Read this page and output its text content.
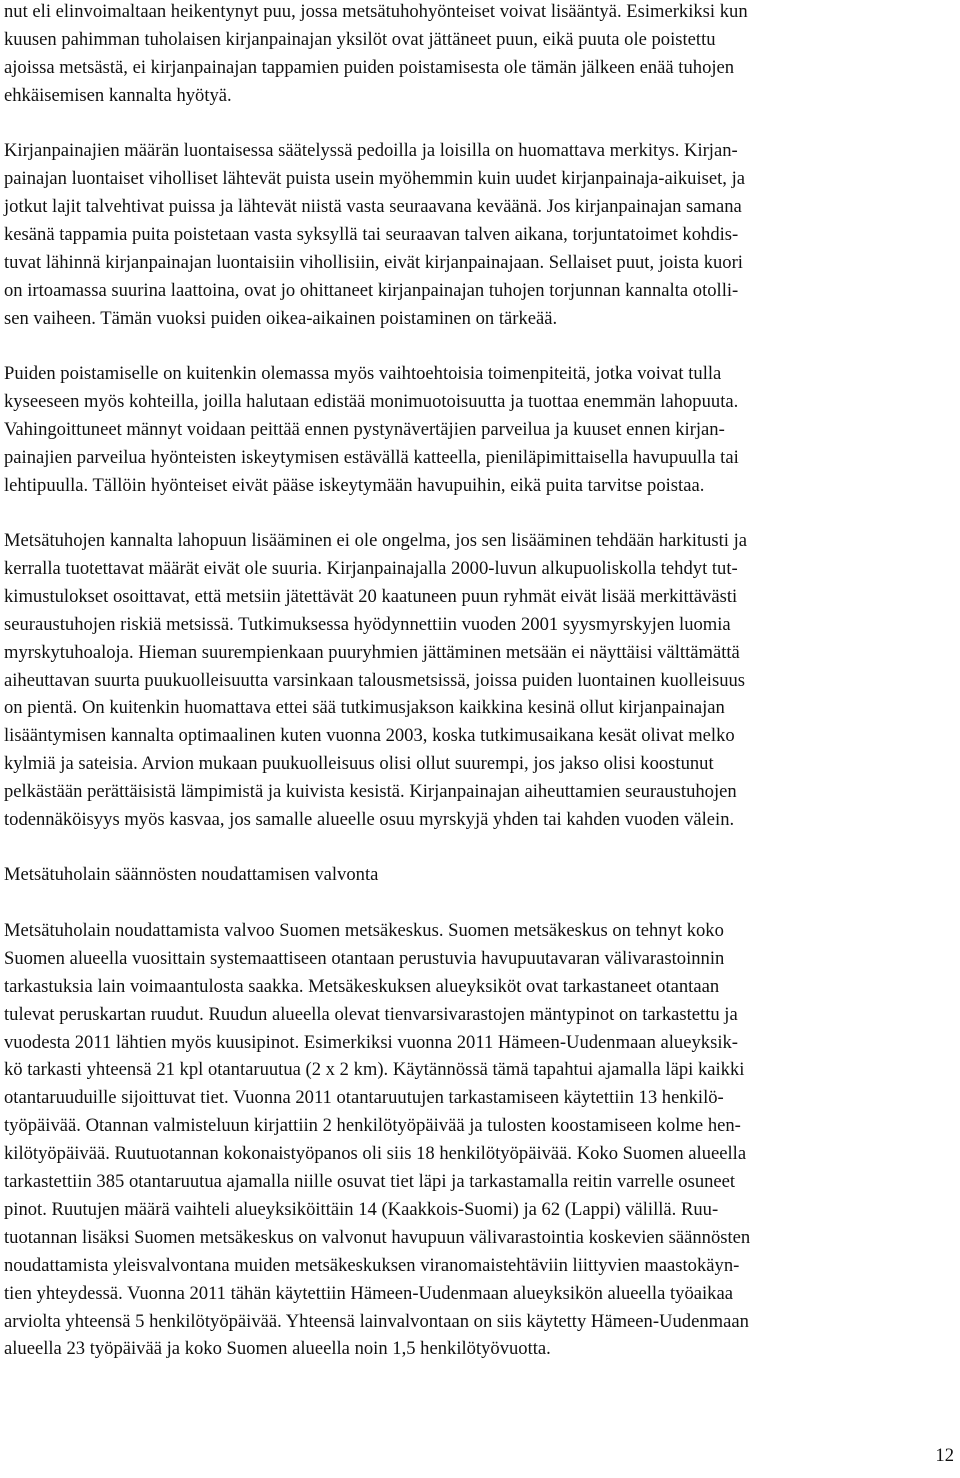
nut eli elinvoimaltaan heikentynyt puu, jossa metsätuhohyönteiset voivat lisääntyä. Esimerkiksi kun
kuusen pahimman tuholaisen kirjanpainajan yksilöt ovat jättäneet puun, eikä puuta ole poistettu
ajoissa metsästä, ei kirjanpainajan tappamien puiden poistamisesta ole tämän jälkeen enää tuhojen
ehkäisemisen kannalta hyötyä.

Kirjanpainajien määrän luontaisessa säätelyssä pedoilla ja loisilla on huomattava merkitys. Kirjan-
painajan luontaiset viholliset lähtevät puista usein myöhemmin kuin uudet kirjanpainaja-aikuiset, ja
jotkut lajit talvehtivat puissa ja lähtevät niistä vasta seuraavana keväänä. Jos kirjanpainajan samana
kesänä tappamia puita poistetaan vasta syksyllä tai seuraavan talven aikana, torjuntatoimet kohdis-
tuvat lähinnä kirjanpainajan luontaisiin vihollisiin, eivät kirjanpainajaan. Sellaiset puut, joista kuori
on irtoamassa suurina laattoina, ovat jo ohittaneet kirjanpainajan tuhojen torjunnan kannalta otolli-
sen vaiheen. Tämän vuoksi puiden oikea-aikainen poistaminen on tärkeää.

Puiden poistamiselle on kuitenkin olemassa myös vaihtoehtoisia toimenpiteitä, jotka voivat tulla
kyseeseen myös kohteilla, joilla halutaan edistää monimuotoisuutta ja tuottaa enemmän lahopuuta.
Vahingoittuneet männyt voidaan peittää ennen pystynävertäjien parveilua ja kuuset ennen kirjan-
painajien parveilua hyönteisten iskeytymisen estävällä katteella, pieniläpimittaisella havupuulla tai
lehtipuulla. Tällöin hyönteiset eivät pääse iskeytymään havupuihin, eikä puita tarvitse poistaa.

Metsätuhojen kannalta lahopuun lisääminen ei ole ongelma, jos sen lisääminen tehdään harkitusti ja
kerralla tuotettavat määrät eivät ole suuria. Kirjanpainajalla 2000-luvun alkupuoliskolla tehdyt tut-
kimustulokset osoittavat, että metsiin jätettävät 20 kaatuneen puun ryhmät eivät lisää merkittävästi
seuraustuhojen riskiä metsissä. Tutkimuksessa hyödynnettiin vuoden 2001 syysmyrskyjen luomia
myrskytuhoaloja. Hieman suurempienkaan puuryhmien jättäminen metsään ei näyttäisi välttämättä
aiheuttavan suurta puukuolleisuutta varsinkaan talousmetsissä, joissa puiden luontainen kuolleisuus
on pientä. On kuitenkin huomattava ettei sää tutkimusjakson kaikkina kesinä ollut kirjanpainajan
lisääntymisen kannalta optimaalinen kuten vuonna 2003, koska tutkimusaikana kesät olivat melko
kylmiä ja sateisia. Arvion mukaan puukuolleisuus olisi ollut suurempi, jos jakso olisi koostunut
pelkästään perättäisistä lämpimistä ja kuivista kesistä. Kirjanpainajan aiheuttamien seuraustuhojen
todennäköisyys myös kasvaa, jos samalle alueelle osuu myrskyjä yhden tai kahden vuoden välein.

Metsätuholain säännösten noudattamisen valvonta

Metsätuholain noudattamista valvoo Suomen metsäkeskus. Suomen metsäkeskus on tehnyt koko
Suomen alueella vuosittain systemaattiseen otantaan perustuvia havupuutavaran välivarastoinnin
tarkastuksia lain voimaantulosta saakka. Metsäkeskuksen alueyksiköt ovat tarkastaneet otantaan
tulevat peruskartan ruudut. Ruudun alueella olevat tienvarsivarastojen mäntypinot on tarkastettu ja
vuodesta 2011 lähtien myös kuusipinot. Esimerkiksi vuonna 2011 Hämeen-Uudenmaan alueyksik-
kö tarkasti yhteensä 21 kpl otantaruutua (2 x 2 km). Käytännössä tämä tapahtui ajamalla läpi kaikki
otantaruuduille sijoittuvat tiet. Vuonna 2011 otantaruutujen tarkastamiseen käytettiin 13 henkilö-
työpäivää. Otannan valmisteluun kirjattiin 2 henkilötyöpäivää ja tulosten koostamiseen kolme hen-
kilötyöpäivää. Ruutuotannan kokonaistyöpanos oli siis 18 henkilötyöpäivää. Koko Suomen alueella
tarkastettiin 385 otantaruutua ajamalla niille osuvat tiet läpi ja tarkastamalla reitin varrelle osuneet
pinot. Ruutujen määrä vaihteli alueyksiköittäin 14 (Kaakkois-Suomi) ja 62 (Lappi) välillä. Ruu-
tuotannan lisäksi Suomen metsäkeskus on valvonut havupuun välivarastointia koskevien säännösten
noudattamista yleisvalvontana muiden metsäkeskuksen viranomaistehtäviin liittyvien maastokäyn-
tien yhteydessä. Vuonna 2011 tähän käytettiin Hämeen-Uudenmaan alueyksikön alueella työaikaa
arviolta yhteensä 5 henkilötyöpäivää. Yhteensä lainvalvontaan on siis käytetty Hämeen-Uudenmaan
alueella 23 työpäivää ja koko Suomen alueella noin 1,5 henkilötyövuotta.

12
